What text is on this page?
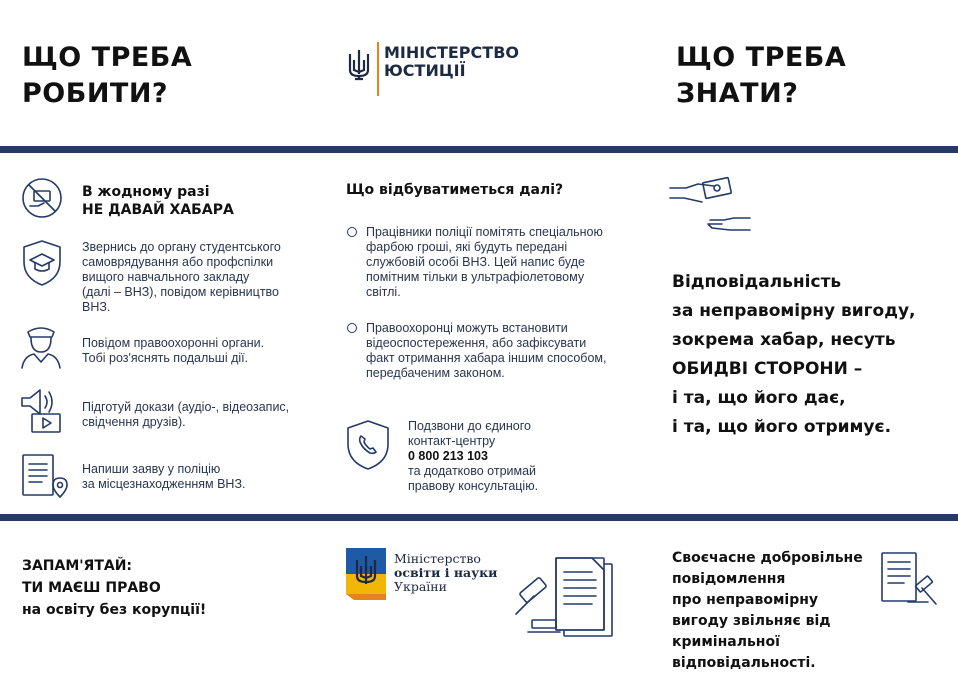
ЩО ТРЕБА
РОБИТИ?
МІНІСТЕРСТВО
ЮСТИЦІЇ	ЩО ТРЕБА
ЗНАТИ?
В жодному разі
НЕ ДАВАЙ ХАБАРА
Звернись до органу студентського
самоврядування або профспілки
вищого навчального закладу
(далі – ВНЗ), повідом керівництво
ВНЗ.
Повідом правоохоронні органи.
Тобі роз'яснять подальші дії.
Підготуй докази (аудіо-, відеозапис,
свідчення друзів).
Напиши заяву у поліцію
за місцезнаходженням ВНЗ.
Що відбуватиметься далі?
Працівники поліції помітять спеціальною
фарбою гроші, які будуть передані
службовій особі ВНЗ. Цей напис буде
помітним тільки в ультрафіолетовому
світлі.
Правоохоронці можуть встановити
відеоспостереження, або зафіксувати
факт отримання хабара іншим способом,
передбаченим законом.
Подзвони до єдиного
контакт-центру
0 800 213 103
та додатково отримай
правову консультацію.
Відповідальність
за неправомірну вигоду,
зокрема хабар, несуть
ОБИДВІ СТОРОНИ –
і та, що його дає,
і та, що його отримує.
ЗАПАМ'ЯТАЙ:
ТИ МАЄШ ПРАВО
на освіту без корупції!
Міністерство
освіти і науки
України
Своєчасне добровільне
повідомлення
про неправомірну
вигоду звільняє від
кримінальної
відповідальності.
